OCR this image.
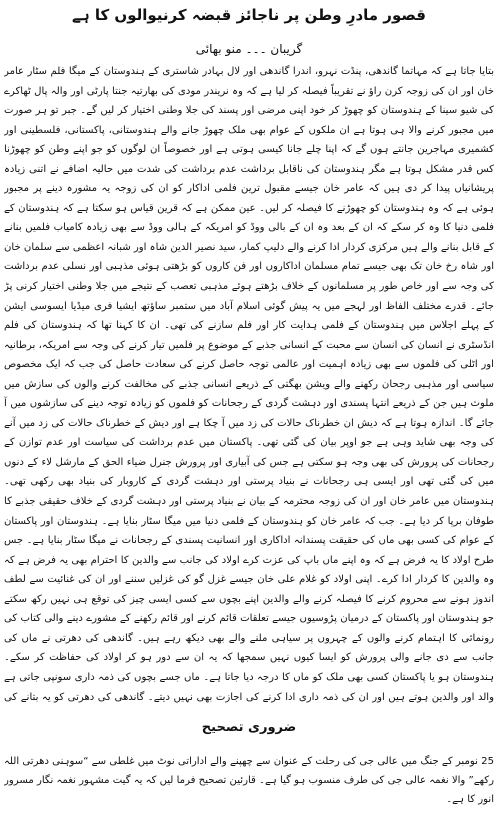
قصور مادرِ وطن پر ناجائز قبضہ کرنیوالوں کا ہے
گریبان ۔۔۔ منو بھائی

بتایا جاتا ہے کہ مہاتما گاندھی، پنڈت نہرو، اندرا گاندھی اور لال بہادر شاستری کے ہندوستان کے میگا فلم سٹار عامر خان اور ان کی زوجہ کرن راؤ نے تقریباً فیصلہ کر لیا ہے کہ وہ نریندر مودی کی بھارتیہ جنتا پارٹی اور والہ پال ٹھاکرے کی شیو سینا کے ہندوستان کو چھوڑ کر خود اپنی مرضی اور پسند کی جلا وطنی اختیار کر لیں گے۔ جبر تو ہر صورت میں مجبور کرنے والا ہی ہوتا ہے ان ملکوں کے عوام بھی ملک چھوڑ جانے والے ہندوستانی، پاکستانی، فلسطینی اور کشمیری مہاجرین جانتے ہوں گے کہ اپنا چلے جانا کیسی ہوتی ہے اور خصوصاً ان لوگوں کو جو اپنے وطن کو چھوڑنا کس قدر مشکل ہوتا ہے مگر ہندوستان کی ناقابل برداشت عدم برداشت کی شدت میں حالیہ اضافے نے اتنی زیادہ پریشانیاں پیدا کر دی ہیں کہ عامر خان جیسے مقبول ترین فلمی اداکار کو ان کی زوجہ یہ مشورہ دینے پر مجبور ہوئی ہے کہ وہ ہندوستان کو چھوڑنے کا فیصلہ کر لیں۔ عین ممکن ہے کہ قرین قیاس ہو سکتا ہے کہ ہندوستان کے فلمی دنیا کا وہ کر سکے کہ ان کے بعد وہ ان کے بالی ووڈ کو امریکہ کے ہالی ووڈ سے بھی زیادہ کامیاب فلمیں بنانے کے قابل بنانے والے ہیں مرکزی کردار ادا کرنے والے دلیپ کمار، سید نصیر الدین شاہ اور شبانہ اعظمی سے سلمان خان اور شاہ رخ خان تک بھی جیسے تمام مسلمان اداکاروں اور فن کاروں کو بڑھتی ہوئی مذہبی اور نسلی عدم برداشت کی وجہ سے اور خاص طور پر مسلمانوں کے خلاف بڑھتے ہوئے مذہبی تعصب کے نتیجے میں جلا وطنی اختیار کرنی پڑ جائے۔ قدرے مختلف الفاظ اور لہجے میں یہ پیش گوئی اسلام آباد میں ستمبر ساؤتھ ایشیا فری میڈیا ایسوسی ایشن کے پہلے اجلاس میں ہندوستان کے فلمی ہدایت کار اور فلم سازنے کی تھی۔ ان کا کہنا تھا کہ ہندوستان کی فلم انڈسٹری نے انسان کی انسان سے محبت کے انسانی جذبے کے موضوع پر فلمیں تیار کرنے کی وجہ سے امریکہ، برطانیہ اور اٹلی کی فلموں سے بھی زیادہ اہمیت اور عالمی توجہ حاصل کرنے کی سعادت حاصل کی جب کہ ایک مخصوص سیاسی اور مذہبی رجحان رکھنے والے ویشن بھگتی کے ذریعے انسانی جذبے کی مخالفت کرنے والوں کی سازش میں ملوث ہیں جن کے ذریعے انتہا پسندی اور دہشت گردی کے رجحانات کو فلموں کو زیادہ توجہ دینے کی سازشوں میں آ جائے گا۔ اندازہ ہوتا ہے کہ دیش ان خطرناک حالات کی زد میں آ چکا ہے اور دیش کے خطرناک حالات کی زد میں آنے کی وجہ بھی شاید وہی ہے جو اوپر بیان کی گئی تھی۔ پاکستان میں عدم برداشت کی سیاست اور عدم توازن کے رجحانات کی پرورش کی بھی وجہ ہو سکتی ہے جس کی آبیاری اور پرورش جنرل ضیاء الحق کے مارشل لاء کے دنوں میں کی گئی تھی اور ایسی ہی رجحانات نے بنیاد پرستی اور دہشت گردی کے کاروبار کی بنیاد بھی رکھی تھی۔ ہندوستان میں عامر خان اور ان کی زوجہ محترمہ کے بیان نے بنیاد پرستی اور دہشت گردی کے خلاف حقیقی جذبے کا طوفان برپا کر دیا ہے۔ جب کہ عامر خان کو ہندوستان کے فلمی دنیا میں میگا سٹار بنایا ہے۔ ہندوستان اور پاکستان کے عوام کی کسی بھی ماں کی حقیقت پسندانہ اداکاری اور انسانیت پسندی کے رجحانات نے میگا سٹار بنایا ہے۔ جس طرح اولاد کا یہ فرض ہے کہ وہ اپنے ماں باپ کی عزت کرے اولاد کی جانب سے والدین کا احترام بھی یہ فرض ہے کہ وہ والدین کا کردار ادا کرے۔ اپنی اولاد کو غلام علی خان جیسے غزل گو کی غزلیں سننے اور ان کی غنائیت سے لطف اندوز ہونے سے محروم کرنے کا فیصلہ کرنے والے والدین اپنے بچوں سے کسی ایسی چیز کی توقع ہی نہیں رکھ سکتے جو ہندوستان اور پاکستان کے درمیان پڑوسیوں جیسے تعلقات قائم کرنے اور قائم رکھنے کے مشورے دینے والی کتاب کی رونمائی کا اہتمام کرنے والوں کے چہروں پر سیاہی ملنے والے بھی دیکھ رہے ہیں۔ گاندھی کی دھرتی نے ماں کی جانب سے دی جانے والی پرورش کو ایسا کیوں نہیں سمجھا کہ یہ ان سے دور ہو کر اولاد کی حفاظت کر سکے۔ ہندوستان ہو یا پاکستان کسی بھی ملک کو ماں کا درجہ دیا جاتا ہے۔ ماں جسے بچوں کی ذمہ داری سونپی جاتی ہے والد اور والدین ہوتے ہیں اور ان کی ذمہ داری ادا کرنے کی اجازت بھی نہیں دیتے۔ گاندھی کی دھرتی کو یہ بتانے کی

ضروری تصحیح

25 نومبر کے جنگ میں عالی جی کی رحلت کے عنوان سے چھپنے والے اداراتی نوٹ میں غلطی سے “سوہنی دھرتی اللہ رکھے” والا نغمہ عالی جی کی طرف منسوب ہو گیا ہے۔ قارئین تصحیح فرما لیں کہ یہ گیت مشہور نغمہ نگار مسرور انور کا ہے۔
